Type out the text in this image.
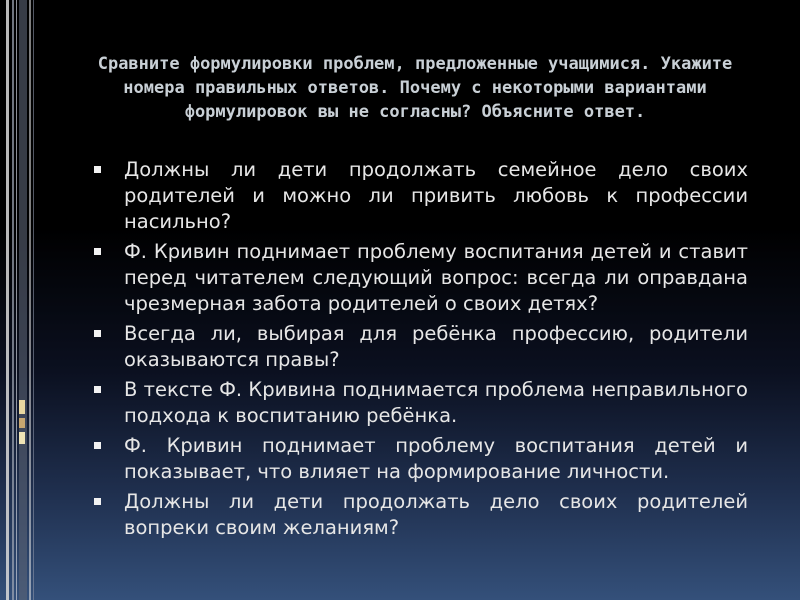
Сравните формулировки проблем, предложенные учащимися. Укажите номера правильных ответов. Почему с некоторыми вариантами формулировок вы не согласны? Объясните ответ.
Должны ли дети продолжать семейное дело своих родителей и можно ли привить любовь к профессии насильно?
Ф. Кривин поднимает проблему воспитания детей и ставит перед читателем следующий вопрос: всегда ли оправдана чрезмерная забота родителей о своих детях?
Всегда ли, выбирая для ребёнка профессию, родители оказываются правы?
В тексте Ф. Кривина поднимается проблема неправильного подхода к воспитанию ребёнка.
Ф. Кривин поднимает проблему воспитания детей и показывает, что влияет на формирование личности.
Должны ли дети продолжать дело своих родителей вопреки своим желаниям?
